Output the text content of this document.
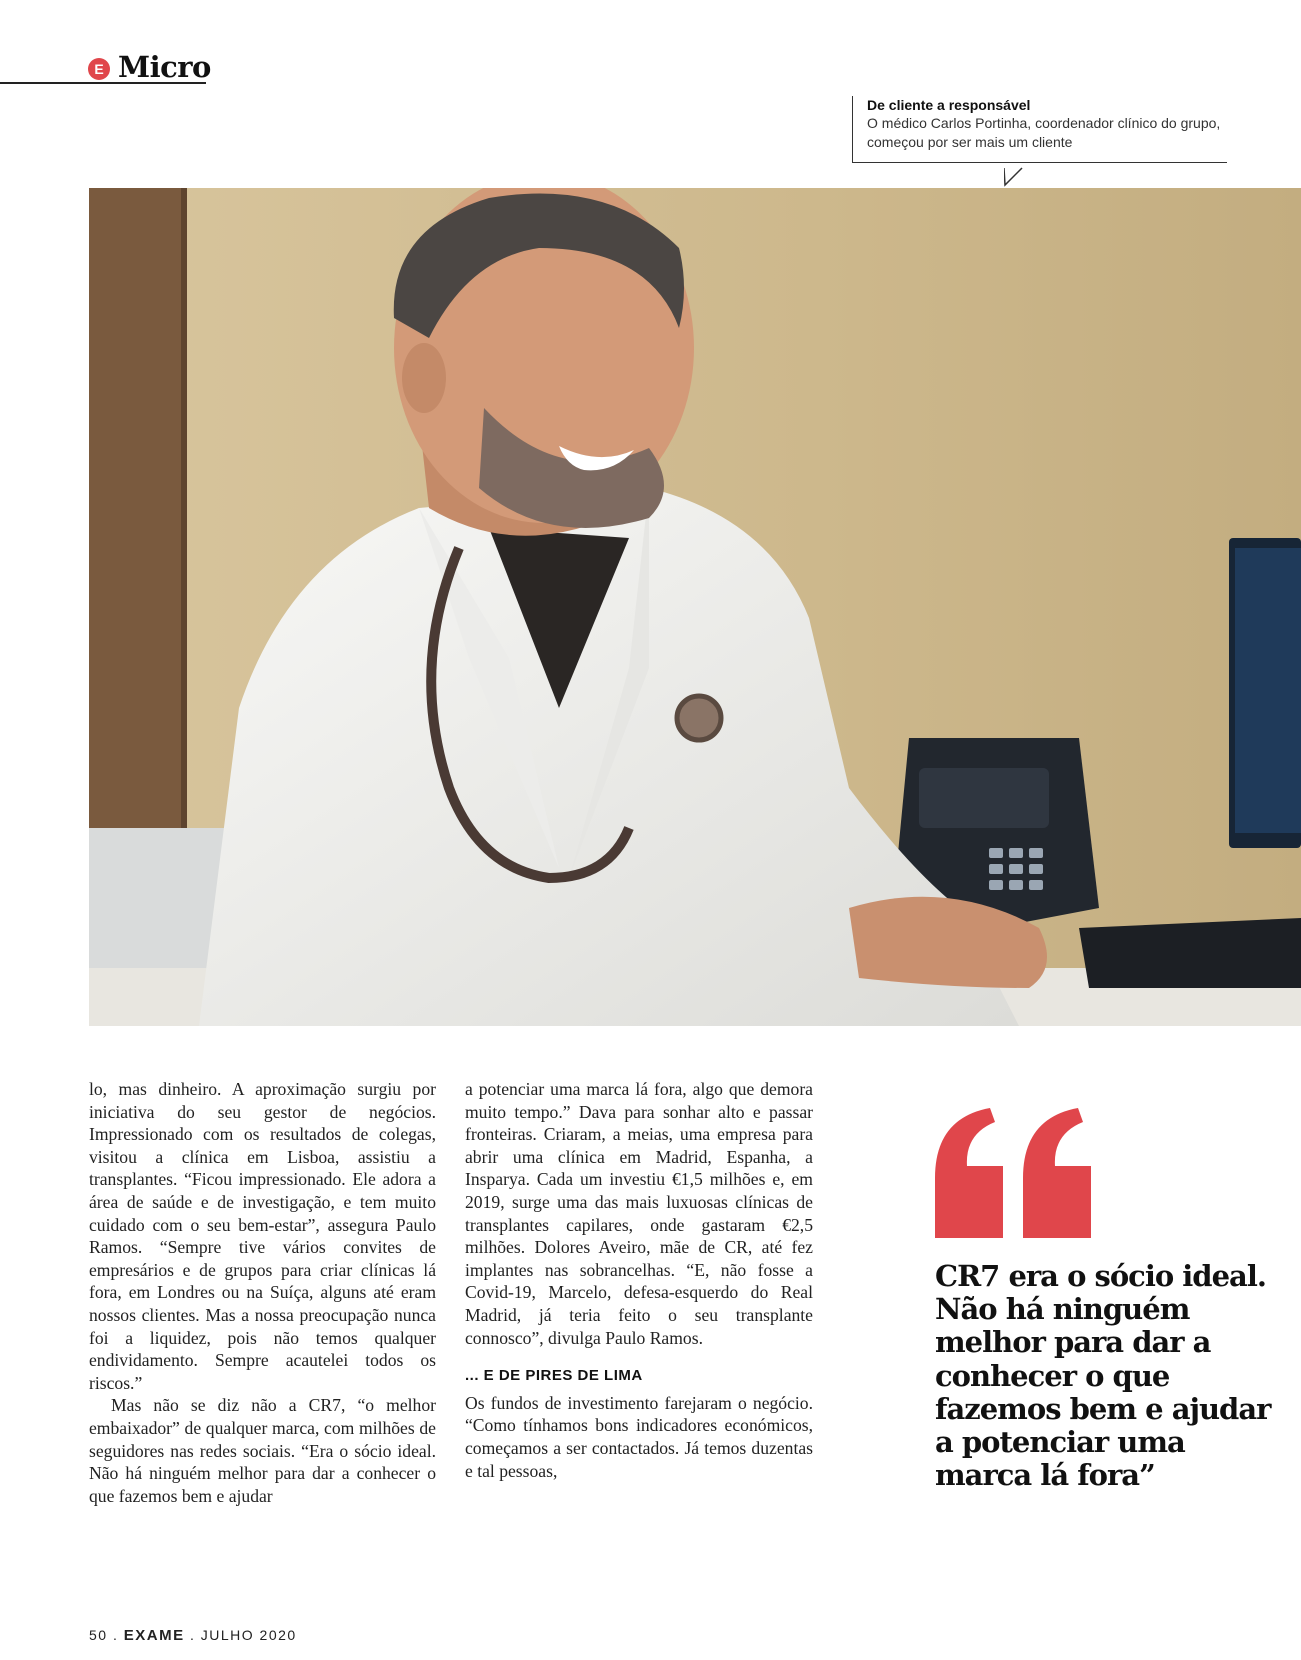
E Micro
De cliente a responsável
O médico Carlos Portinha, coordenador clínico do grupo, começou por ser mais um cliente

lo, mas dinheiro. A aproximação surgiu por iniciativa do seu gestor de negócios. Impressionado com os resultados de colegas, visitou a clínica em Lisboa, assistiu a transplantes. “Ficou impressionado. Ele adora a área de saúde e de investigação, e tem muito cuidado com o seu bem-estar”, assegura Paulo Ramos. “Sempre tive vários convites de empresários e de grupos para criar clínicas lá fora, em Londres ou na Suíça, alguns até eram nossos clientes. Mas a nossa preocupação nunca foi a liquidez, pois não temos qualquer endividamento. Sempre acautelei todos os riscos.”

Mas não se diz não a CR7, “o melhor embaixador” de qualquer marca, com milhões de seguidores nas redes sociais. “Era o sócio ideal. Não há ninguém melhor para dar a conhecer o que fazemos bem e ajudar

a potenciar uma marca lá fora, algo que demora muito tempo.” Dava para sonhar alto e passar fronteiras. Criaram, a meias, uma empresa para abrir uma clínica em Madrid, Espanha, a Insparya. Cada um investiu €1,5 milhões e, em 2019, surge uma das mais luxuosas clínicas de transplantes capilares, onde gastaram €2,5 milhões. Dolores Aveiro, mãe de CR, até fez implantes nas sobrancelhas. “E, não fosse a Covid-19, Marcelo, defesa-esquerdo do Real Madrid, já teria feito o seu transplante connosco”, divulga Paulo Ramos.

... E DE PIRES DE LIMA

Os fundos de investimento farejaram o negócio. “Como tínhamos bons indicadores económicos, começamos a ser contactados. Já temos duzentas e tal pessoas,

CR7 era o sócio ideal. Não há ninguém melhor para dar a conhecer o que fazemos bem e ajudar a potenciar uma marca lá fora”
50 . EXAME . JULHO 2020
